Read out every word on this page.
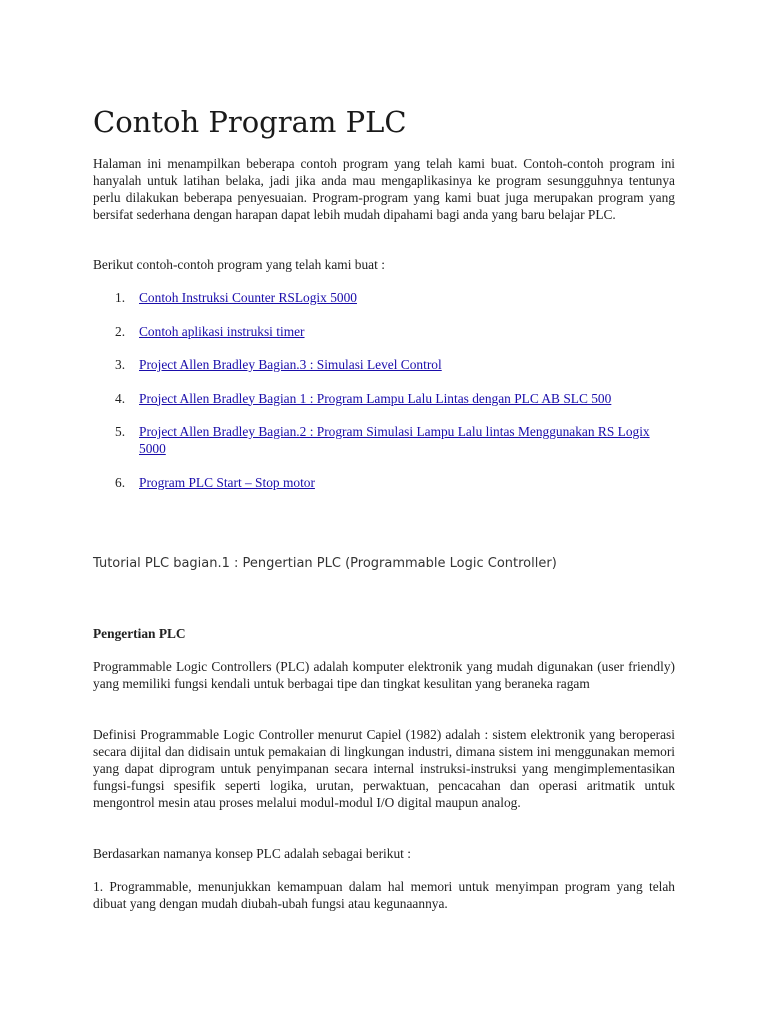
Contoh Program PLC

Halaman ini menampilkan beberapa contoh program yang telah kami buat. Contoh-contoh program ini hanyalah untuk latihan belaka, jadi jika anda mau mengaplikasinya ke program sesungguhnya tentunya perlu dilakukan beberapa penyesuaian. Program-program yang kami buat juga merupakan program yang bersifat sederhana dengan harapan dapat lebih mudah dipahami bagi anda yang baru belajar PLC.

Berikut contoh-contoh program yang telah kami buat :

1. Contoh Instruksi Counter RSLogix 5000
2. Contoh aplikasi instruksi timer
3. Project Allen Bradley Bagian.3 : Simulasi Level Control
4. Project Allen Bradley Bagian 1 : Program Lampu Lalu Lintas dengan PLC AB SLC 500
5. Project Allen Bradley Bagian.2 : Program Simulasi Lampu Lalu lintas Menggunakan RS Logix 5000
6. Program PLC Start – Stop motor

Tutorial PLC bagian.1 : Pengertian PLC (Programmable Logic Controller)

Pengertian PLC

Programmable Logic Controllers (PLC) adalah komputer elektronik yang mudah digunakan (user friendly) yang memiliki fungsi kendali untuk berbagai tipe dan tingkat kesulitan yang beraneka ragam

Definisi Programmable Logic Controller menurut Capiel (1982) adalah : sistem elektronik yang beroperasi secara dijital dan didisain untuk pemakaian di lingkungan industri, dimana sistem ini menggunakan memori yang dapat diprogram untuk penyimpanan secara internal instruksi-instruksi yang mengimplementasikan fungsi-fungsi spesifik seperti logika, urutan, perwaktuan, pencacahan dan operasi aritmatik untuk mengontrol mesin atau proses melalui modul-modul I/O digital maupun analog.

Berdasarkan namanya konsep PLC adalah sebagai berikut :

1. Programmable, menunjukkan kemampuan dalam hal memori untuk menyimpan program yang telah dibuat yang dengan mudah diubah-ubah fungsi atau kegunaannya.
